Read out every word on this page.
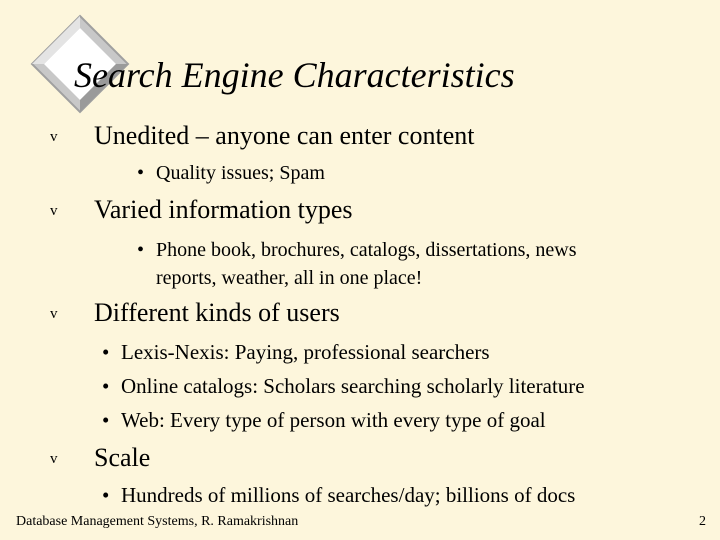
Search Engine Characteristics
v Unedited – anyone can enter content
• Quality issues; Spam
v Varied information types
• Phone book, brochures, catalogs, dissertations, news
reports, weather, all in one place!
v Different kinds of users
• Lexis-Nexis: Paying, professional searchers
• Online catalogs: Scholars searching scholarly literature
• Web: Every type of person with every type of goal
v Scale
• Hundreds of millions of searches/day; billions of docs
Database Management Systems, R. Ramakrishnan	2
